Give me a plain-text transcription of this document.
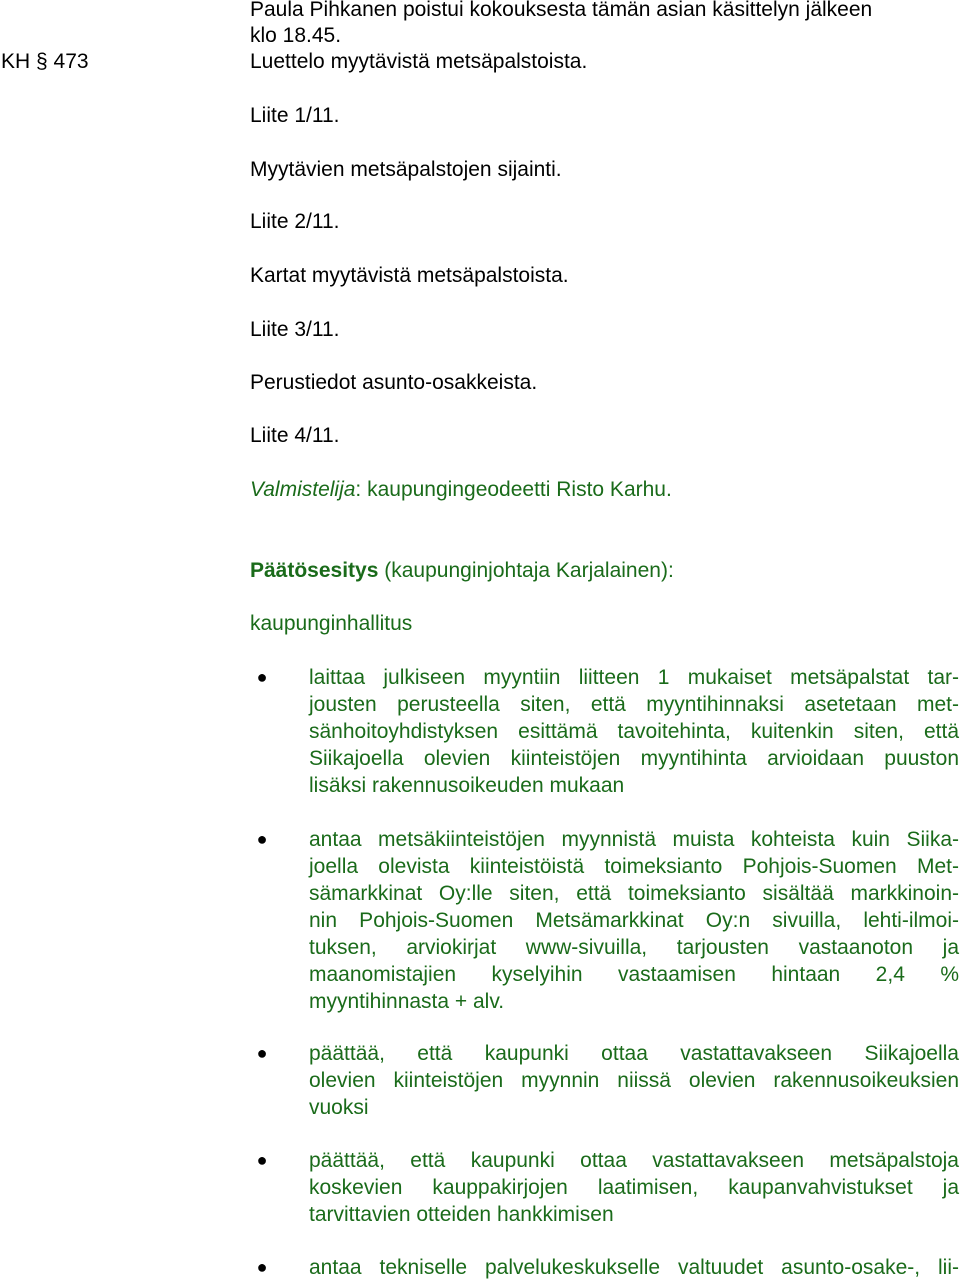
Paula Pihkanen poistui kokouksesta tämän asian käsittelyn jälkeen
klo 18.45.
KH § 473	Luettelo myytävistä metsäpalstoista.
Liite 1/11.
Myytävien metsäpalstojen sijainti.
Liite 2/11.
Kartat myytävistä metsäpalstoista.
Liite 3/11.
Perustiedot asunto-osakkeista.
Liite 4/11.
Valmistelija: kaupungingeodeetti Risto Karhu.
Päätösesitys (kaupunginjohtaja Karjalainen):
kaupunginhallitus
● laittaa julkiseen myyntiin liitteen 1 mukaiset metsäpalstat tar-
jousten perusteella siten, että myyntihinnaksi asetetaan met-
sänhoitoyhdistyksen esittämä tavoitehinta, kuitenkin siten, että
Siikajoella olevien kiinteistöjen myyntihinta arvioidaan puuston
lisäksi rakennusoikeuden mukaan
● antaa metsäkiinteistöjen myynnistä muista kohteista kuin Siika-
joella olevista kiinteistöistä toimeksianto Pohjois-Suomen Met-
sämarkkinat Oy:lle siten, että toimeksianto sisältää markkinoin-
nin Pohjois-Suomen Metsämarkkinat Oy:n sivuilla, lehti-ilmoi-
tuksen, arviokirjat www-sivuilla, tarjousten vastaanoton ja
maanomistajien kyselyihin vastaamisen hintaan 2,4 %
myyntihinnasta + alv.
● päättää, että kaupunki ottaa vastattavakseen Siikajoella
olevien kiinteistöjen myynnin niissä olevien rakennusoikeuksien
vuoksi
● päättää, että kaupunki ottaa vastattavakseen metsäpalstoja
koskevien kauppakirjojen laatimisen, kaupanvahvistukset ja
tarvittavien otteiden hankkimisen
● antaa tekniselle palvelukeskukselle valtuudet asunto-osake-, lii-
